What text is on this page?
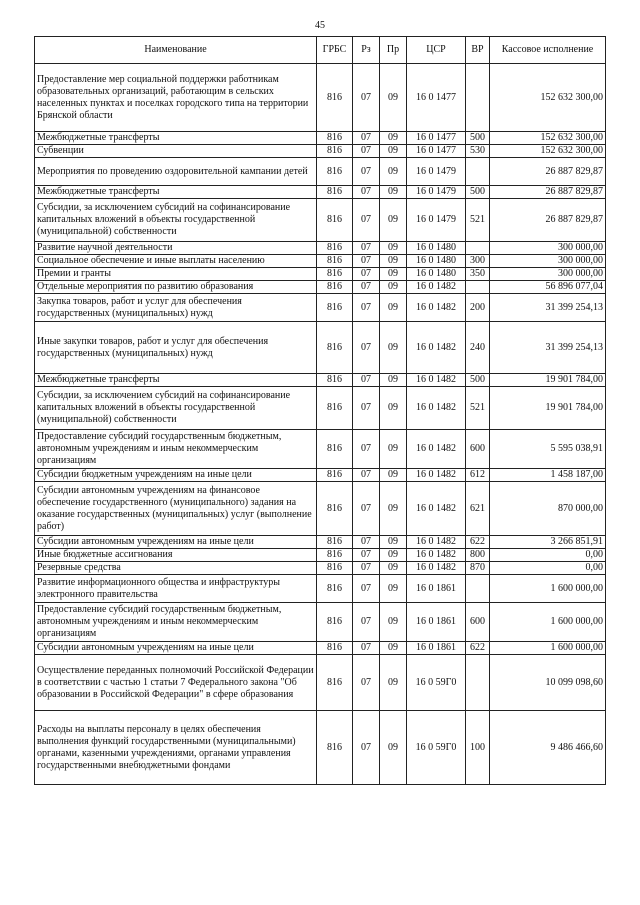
45
Наименование	ГРБС	Рз	Пр	ЦСР	ВР	Кассовое исполнение
Предоставление мер социальной поддержки работникам образовательных организаций, работающим в сельских населенных пунктах и поселках городского типа на территории Брянской области	816	07	09	16 0 1477		152 632 300,00
Межбюджетные трансферты	816	07	09	16 0 1477	500	152 632 300,00
Субвенции	816	07	09	16 0 1477	530	152 632 300,00
Мероприятия по проведению оздоровительной кампании детей	816	07	09	16 0 1479		26 887 829,87
Межбюджетные трансферты	816	07	09	16 0 1479	500	26 887 829,87
Субсидии, за исключением субсидий на софинансирование капитальных вложений в объекты государственной (муниципальной) собственности	816	07	09	16 0 1479	521	26 887 829,87
Развитие научной деятельности	816	07	09	16 0 1480		300 000,00
Социальное обеспечение и иные выплаты населению	816	07	09	16 0 1480	300	300 000,00
Премии и гранты	816	07	09	16 0 1480	350	300 000,00
Отдельные мероприятия по развитию образования	816	07	09	16 0 1482		56 896 077,04
Закупка товаров, работ и услуг для обеспечения государственных (муниципальных) нужд	816	07	09	16 0 1482	200	31 399 254,13
Иные закупки товаров, работ и услуг для обеспечения государственных (муниципальных) нужд	816	07	09	16 0 1482	240	31 399 254,13
Межбюджетные трансферты	816	07	09	16 0 1482	500	19 901 784,00
Субсидии, за исключением субсидий на софинансирование капитальных вложений в объекты государственной (муниципальной) собственности	816	07	09	16 0 1482	521	19 901 784,00
Предоставление субсидий государственным бюджетным, автономным учреждениям и иным некоммерческим организациям	816	07	09	16 0 1482	600	5 595 038,91
Субсидии бюджетным учреждениям на иные цели	816	07	09	16 0 1482	612	1 458 187,00
Субсидии автономным учреждениям на финансовое обеспечение государственного (муниципального) задания на оказание государственных (муниципальных) услуг (выполнение работ)	816	07	09	16 0 1482	621	870 000,00
Субсидии автономным учреждениям на иные цели	816	07	09	16 0 1482	622	3 266 851,91
Иные бюджетные ассигнования	816	07	09	16 0 1482	800	0,00
Резервные средства	816	07	09	16 0 1482	870	0,00
Развитие информационного общества и инфраструктуры электронного правительства	816	07	09	16 0 1861		1 600 000,00
Предоставление субсидий государственным бюджетным, автономным учреждениям и иным некоммерческим организациям	816	07	09	16 0 1861	600	1 600 000,00
Субсидии автономным учреждениям на иные цели	816	07	09	16 0 1861	622	1 600 000,00
Осуществление переданных полномочий Российской Федерации в соответствии с частью 1 статьи 7 Федерального закона "Об образовании в Российской Федерации" в сфере образования	816	07	09	16 0 59Г0		10 099 098,60
Расходы на выплаты персоналу в целях обеспечения выполнения функций государственными (муниципальными) органами, казенными учреждениями, органами управления государственными внебюджетными фондами	816	07	09	16 0 59Г0	100	9 486 466,60
